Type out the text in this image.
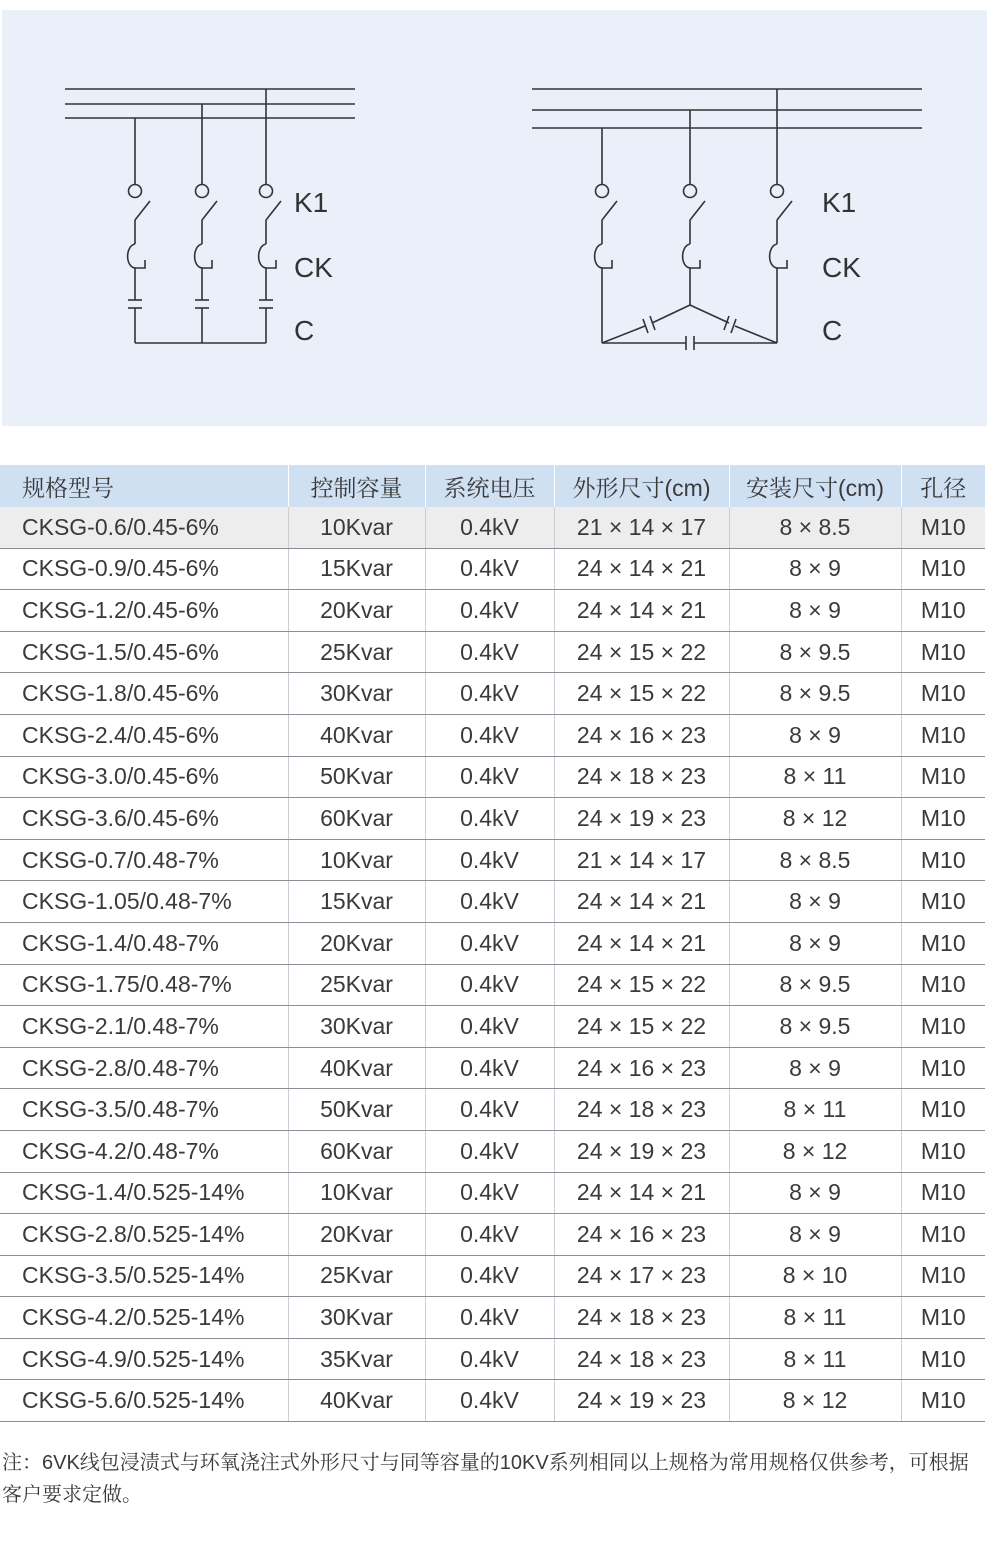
K1
CK
C
K1
CK
C
规格型号	控制容量	系统电压	外形尺寸(cm)	安装尺寸(cm)	孔径
CKSG-0.6/0.45-6%	10Kvar	0.4kV	21 × 14 × 17	8 × 8.5	M10
CKSG-0.9/0.45-6%	15Kvar	0.4kV	24 × 14 × 21	8 × 9	M10
CKSG-1.2/0.45-6%	20Kvar	0.4kV	24 × 14 × 21	8 × 9	M10
CKSG-1.5/0.45-6%	25Kvar	0.4kV	24 × 15 × 22	8 × 9.5	M10
CKSG-1.8/0.45-6%	30Kvar	0.4kV	24 × 15 × 22	8 × 9.5	M10
CKSG-2.4/0.45-6%	40Kvar	0.4kV	24 × 16 × 23	8 × 9	M10
CKSG-3.0/0.45-6%	50Kvar	0.4kV	24 × 18 × 23	8 × 11	M10
CKSG-3.6/0.45-6%	60Kvar	0.4kV	24 × 19 × 23	8 × 12	M10
CKSG-0.7/0.48-7%	10Kvar	0.4kV	21 × 14 × 17	8 × 8.5	M10
CKSG-1.05/0.48-7%	15Kvar	0.4kV	24 × 14 × 21	8 × 9	M10
CKSG-1.4/0.48-7%	20Kvar	0.4kV	24 × 14 × 21	8 × 9	M10
CKSG-1.75/0.48-7%	25Kvar	0.4kV	24 × 15 × 22	8 × 9.5	M10
CKSG-2.1/0.48-7%	30Kvar	0.4kV	24 × 15 × 22	8 × 9.5	M10
CKSG-2.8/0.48-7%	40Kvar	0.4kV	24 × 16 × 23	8 × 9	M10
CKSG-3.5/0.48-7%	50Kvar	0.4kV	24 × 18 × 23	8 × 11	M10
CKSG-4.2/0.48-7%	60Kvar	0.4kV	24 × 19 × 23	8 × 12	M10
CKSG-1.4/0.525-14%	10Kvar	0.4kV	24 × 14 × 21	8 × 9	M10
CKSG-2.8/0.525-14%	20Kvar	0.4kV	24 × 16 × 23	8 × 9	M10
CKSG-3.5/0.525-14%	25Kvar	0.4kV	24 × 17 × 23	8 × 10	M10
CKSG-4.2/0.525-14%	30Kvar	0.4kV	24 × 18 × 23	8 × 11	M10
CKSG-4.9/0.525-14%	35Kvar	0.4kV	24 × 18 × 23	8 × 11	M10
CKSG-5.6/0.525-14%	40Kvar	0.4kV	24 × 19 × 23	8 × 12	M10
注：6VK线包浸渍式与环氧浇注式外形尺寸与同等容量的10KV系列相同以上规格为常用规格仅供参考，可根据客户要求定做。
